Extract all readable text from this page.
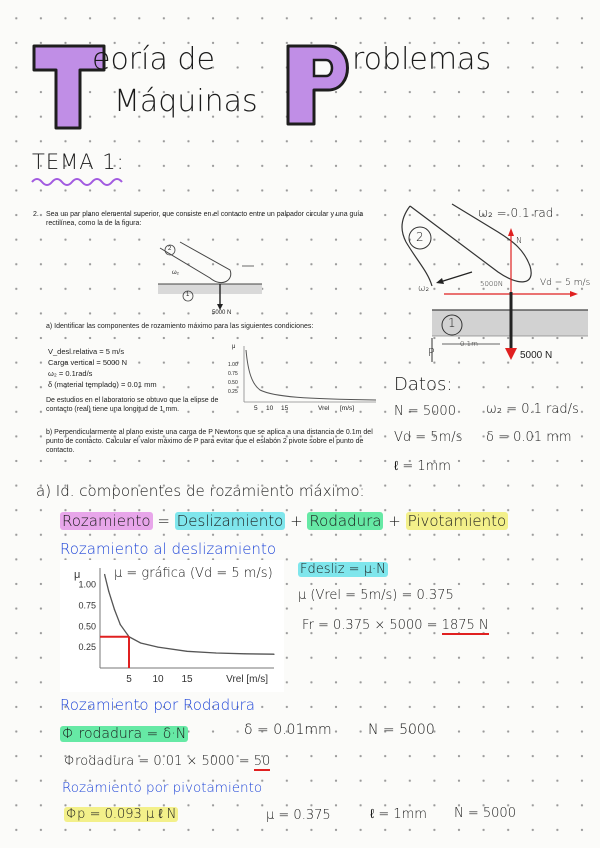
eoría de
Máquinas
roblemas
TEMA 1:
2. Sea un par plano elemental superior, que consiste en el contacto entre un palpador circular y una guía rectilínea, como la de la figura:
2
1
ω₂
5000 N
a) Identificar las componentes de rozamiento máximo para las siguientes condiciones:
V_desl.relativa = 5 m/s
Carga vertical = 5000 N
ω₂ = 0.1rad/s
δ (material templado) = 0.01 mm
De estudios en el laboratorio se obtuvo que la elipse de contacto (real) tiene una longitud de 1 mm.
μ
1.00
0.75
0.50
0.25
5 10 15	Vrel [m/s]
b) Perpendicularmente al plano existe una carga de P Newtons que se aplica a una distancia de 0.1m del punto de contacto. Calcular el valor máximo de P para evitar que el eslabón 2 pivote sobre el punto de contacto.
ω₂ = 0.1 rad
N
2
1
ω₂	5000N	Vd = 5 m/s
P
0.1m
5000 N
Datos:
N = 5000 ω₂ = 0.1 rad/s
Vd = 5m/s δ = 0.01 mm
ℓ = 1mm
a) Id. componentes de rozamiento máximo:
Rozamiento = Deslizamiento + Rodadura + Pivotamiento
Rozamiento al deslizamiento
1.00
0.75
0.50
0.25
5 10 15
μ
Vrel [m/s]
μ = gráfica (Vd = 5 m/s) Fdesliz = μ·N
μ (Vrel = 5m/s) = 0.375
Fr = 0.375 × 5000 = 1875 N
Rozamiento por Rodadura
Φ rodadura = δ·N	δ = 0.01mm	N = 5000
Φrodadura = 0.01 × 5000 = 50
Rozamiento por pivotamiento
Φp = 0.093 μ ℓ N	μ = 0.375	ℓ = 1mm N = 5000
